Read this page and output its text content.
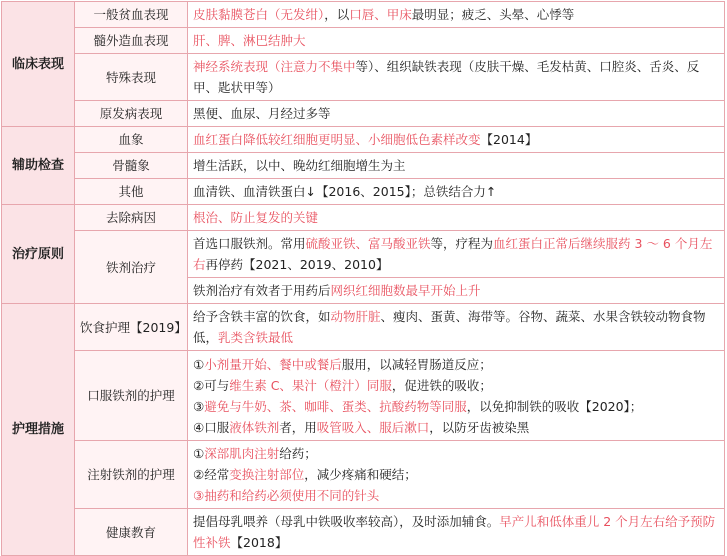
临床表现	一般贫血表现	皮肤黏膜苍白（无发绀），以口唇、甲床最明显；疲乏、头晕、心悸等
	髓外造血表现	肝、脾、淋巴结肿大
	特殊表现	神经系统表现（注意力不集中等）、组织缺铁表现（皮肤干燥、毛发枯黄、口腔炎、舌炎、反甲、匙状甲等）
	原发病表现	黑便、血尿、月经过多等
辅助检查	血象	血红蛋白降低较红细胞更明显、小细胞低色素样改变【2014】
	骨髓象	增生活跃，以中、晚幼红细胞增生为主
	其他	血清铁、血清铁蛋白↓【2016、2015】；总铁结合力↑
治疗原则	去除病因	根治、防止复发的关键
	铁剂治疗	首选口服铁剂。常用硫酸亚铁、富马酸亚铁等，疗程为血红蛋白正常后继续服药 3 ～ 6 个月左右再停药【2021、2019、2010】
		铁剂治疗有效者于用药后网织红细胞数最早开始上升
护理措施	饮食护理【2019】	给予含铁丰富的饮食，如动物肝脏、瘦肉、蛋黄、海带等。谷物、蔬菜、水果含铁较动物食物低，乳类含铁最低
	口服铁剂的护理	①小剂量开始、餐中或餐后服用，以减轻胃肠道反应；
②可与维生素 C、果汁（橙汁）同服，促进铁的吸收；
③避免与牛奶、茶、咖啡、蛋类、抗酸药物等同服，以免抑制铁的吸收【2020】；
④口服液体铁剂者，用吸管吸入、服后漱口，以防牙齿被染黑

	注射铁剂的护理	①深部肌肉注射给药；
②经常变换注射部位，减少疼痛和硬结；
③抽药和给药必须使用不同的针头

	健康教育	提倡母乳喂养（母乳中铁吸收率较高），及时添加辅食。早产儿和低体重儿 2 个月左右给予预防性补铁【2018】
